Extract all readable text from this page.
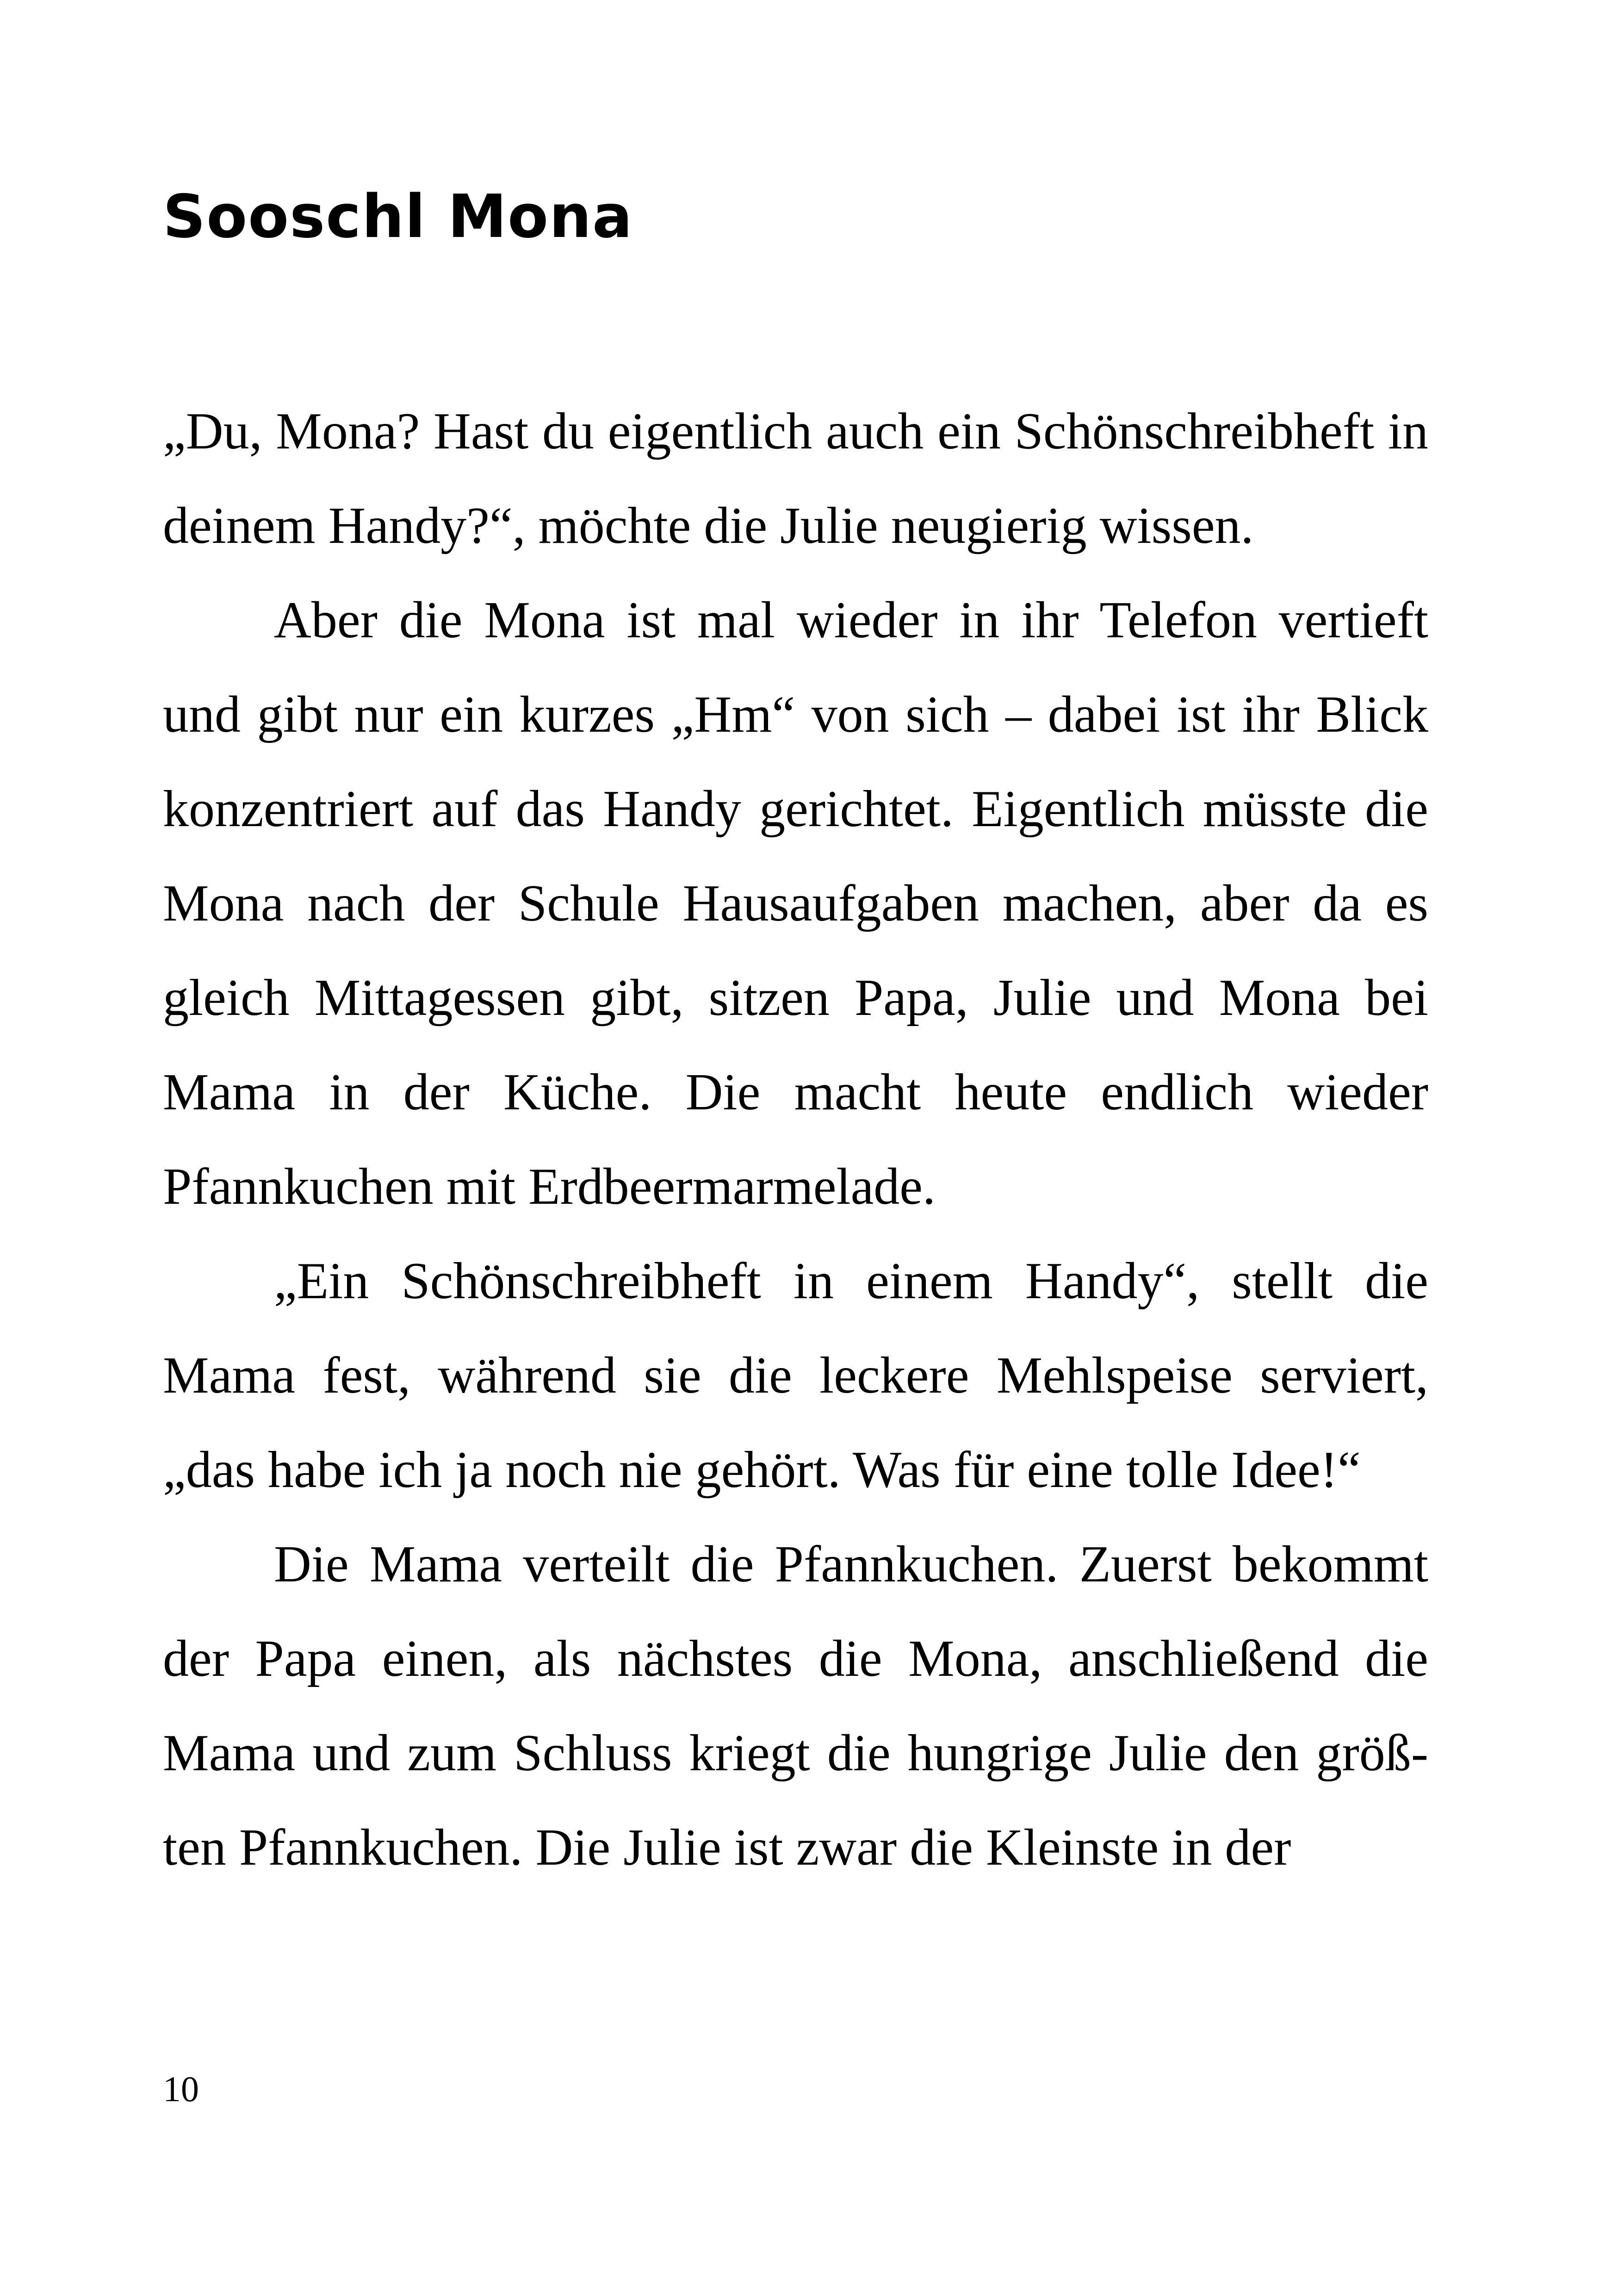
Sooschl Mona

„Du, Mona? Hast du eigentlich auch ein Schönschreibheft in deinem Handy?“, möchte die Julie neugierig wissen.

Aber die Mona ist mal wieder in ihr Telefon vertieft und gibt nur ein kurzes „Hm“ von sich – dabei ist ihr Blick konzentriert auf das Handy gerichtet. Eigentlich müsste die Mona nach der Schule Hausaufgaben machen, aber da es gleich Mittagessen gibt, sitzen Papa, Julie und Mona bei Mama in der Küche. Die macht heute endlich wieder Pfannkuchen mit Erdbeermarmelade.

„Ein Schönschreibheft in einem Handy“, stellt die Mama fest, während sie die leckere Mehlspeise serviert, „das habe ich ja noch nie gehört. Was für eine tolle Idee!“

Die Mama verteilt die Pfannkuchen. Zuerst bekommt der Papa einen, als nächstes die Mona, anschließend die Mama und zum Schluss kriegt die hungrige Julie den größ-ten Pfannkuchen. Die Julie ist zwar die Kleinste in der

10
